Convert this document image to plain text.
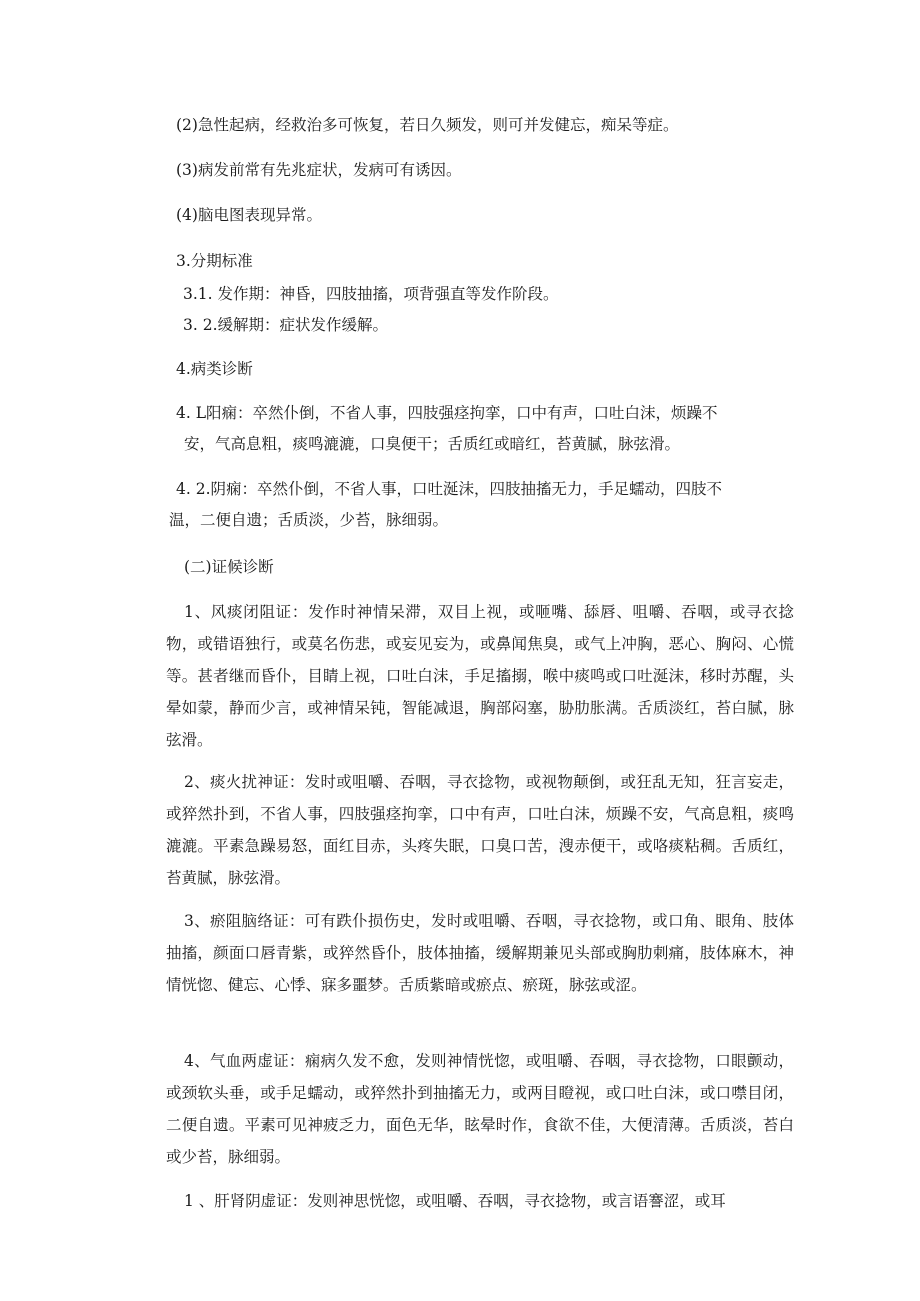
(2)急性起病，经救治多可恢复，若日久频发，则可并发健忘，痴呆等症。
(3)病发前常有先兆症状，发病可有诱因。
(4)脑电图表现异常。
3.分期标准
3.1. 发作期：神昏，四肢抽搐，项背强直等发作阶段。
3. 2.缓解期：症状发作缓解。
4.病类诊断
4. L阳痫：卒然仆倒，不省人事，四肢强痉拘挛，口中有声，口吐白沫，烦躁不
安，气高息粗，痰鸣漉漉，口臭便干；舌质红或暗红，苔黄腻，脉弦滑。
4. 2.阴痫：卒然仆倒，不省人事，口吐涎沫，四肢抽搐无力，手足蠕动，四肢不
温，二便自遗；舌质淡，少苔，脉细弱。
(二)证候诊断
1、风痰闭阻证：发作时神情呆滞，双目上视，或咂嘴、舔唇、咀嚼、吞咽，或寻衣捻物，或错语独行，或莫名伤悲，或妄见妄为，或鼻闻焦臭，或气上冲胸，恶心、胸闷、心慌等。甚者继而昏仆，目睛上视，口吐白沫，手足搐搦，喉中痰鸣或口吐涎沫，移时苏醒，头晕如蒙，静而少言，或神情呆钝，智能减退，胸部闷塞，胁肋胀满。舌质淡红，苔白腻，脉弦滑。
2、痰火扰神证：发时或咀嚼、吞咽，寻衣捻物，或视物颠倒，或狂乱无知，狂言妄走，或猝然扑到，不省人事，四肢强痉拘挛，口中有声，口吐白沫，烦躁不安，气高息粗，痰鸣漉漉。平素急躁易怒，面红目赤，头疼失眠，口臭口苦，溲赤便干，或咯痰粘稠。舌质红，苔黄腻，脉弦滑。
3、瘀阻脑络证：可有跌仆损伤史，发时或咀嚼、吞咽，寻衣捻物，或口角、眼角、肢体抽搐，颜面口唇青紫，或猝然昏仆，肢体抽搐，缓解期兼见头部或胸肋刺痛，肢体麻木，神情恍惚、健忘、心悸、寐多噩梦。舌质紫暗或瘀点、瘀斑，脉弦或涩。
4、气血两虚证：痫病久发不愈，发则神情恍惚，或咀嚼、吞咽，寻衣捻物，口眼颤动，或颈软头垂，或手足蠕动，或猝然扑到抽搐无力，或两目瞪视，或口吐白沫，或口噤目闭，二便自遗。平素可见神疲乏力，面色无华，眩晕时作，食欲不佳，大便清薄。舌质淡，苔白或少苔，脉细弱。
1 、肝肾阴虚证：发则神思恍惚，或咀嚼、吞咽，寻衣捻物，或言语謇涩，或耳
